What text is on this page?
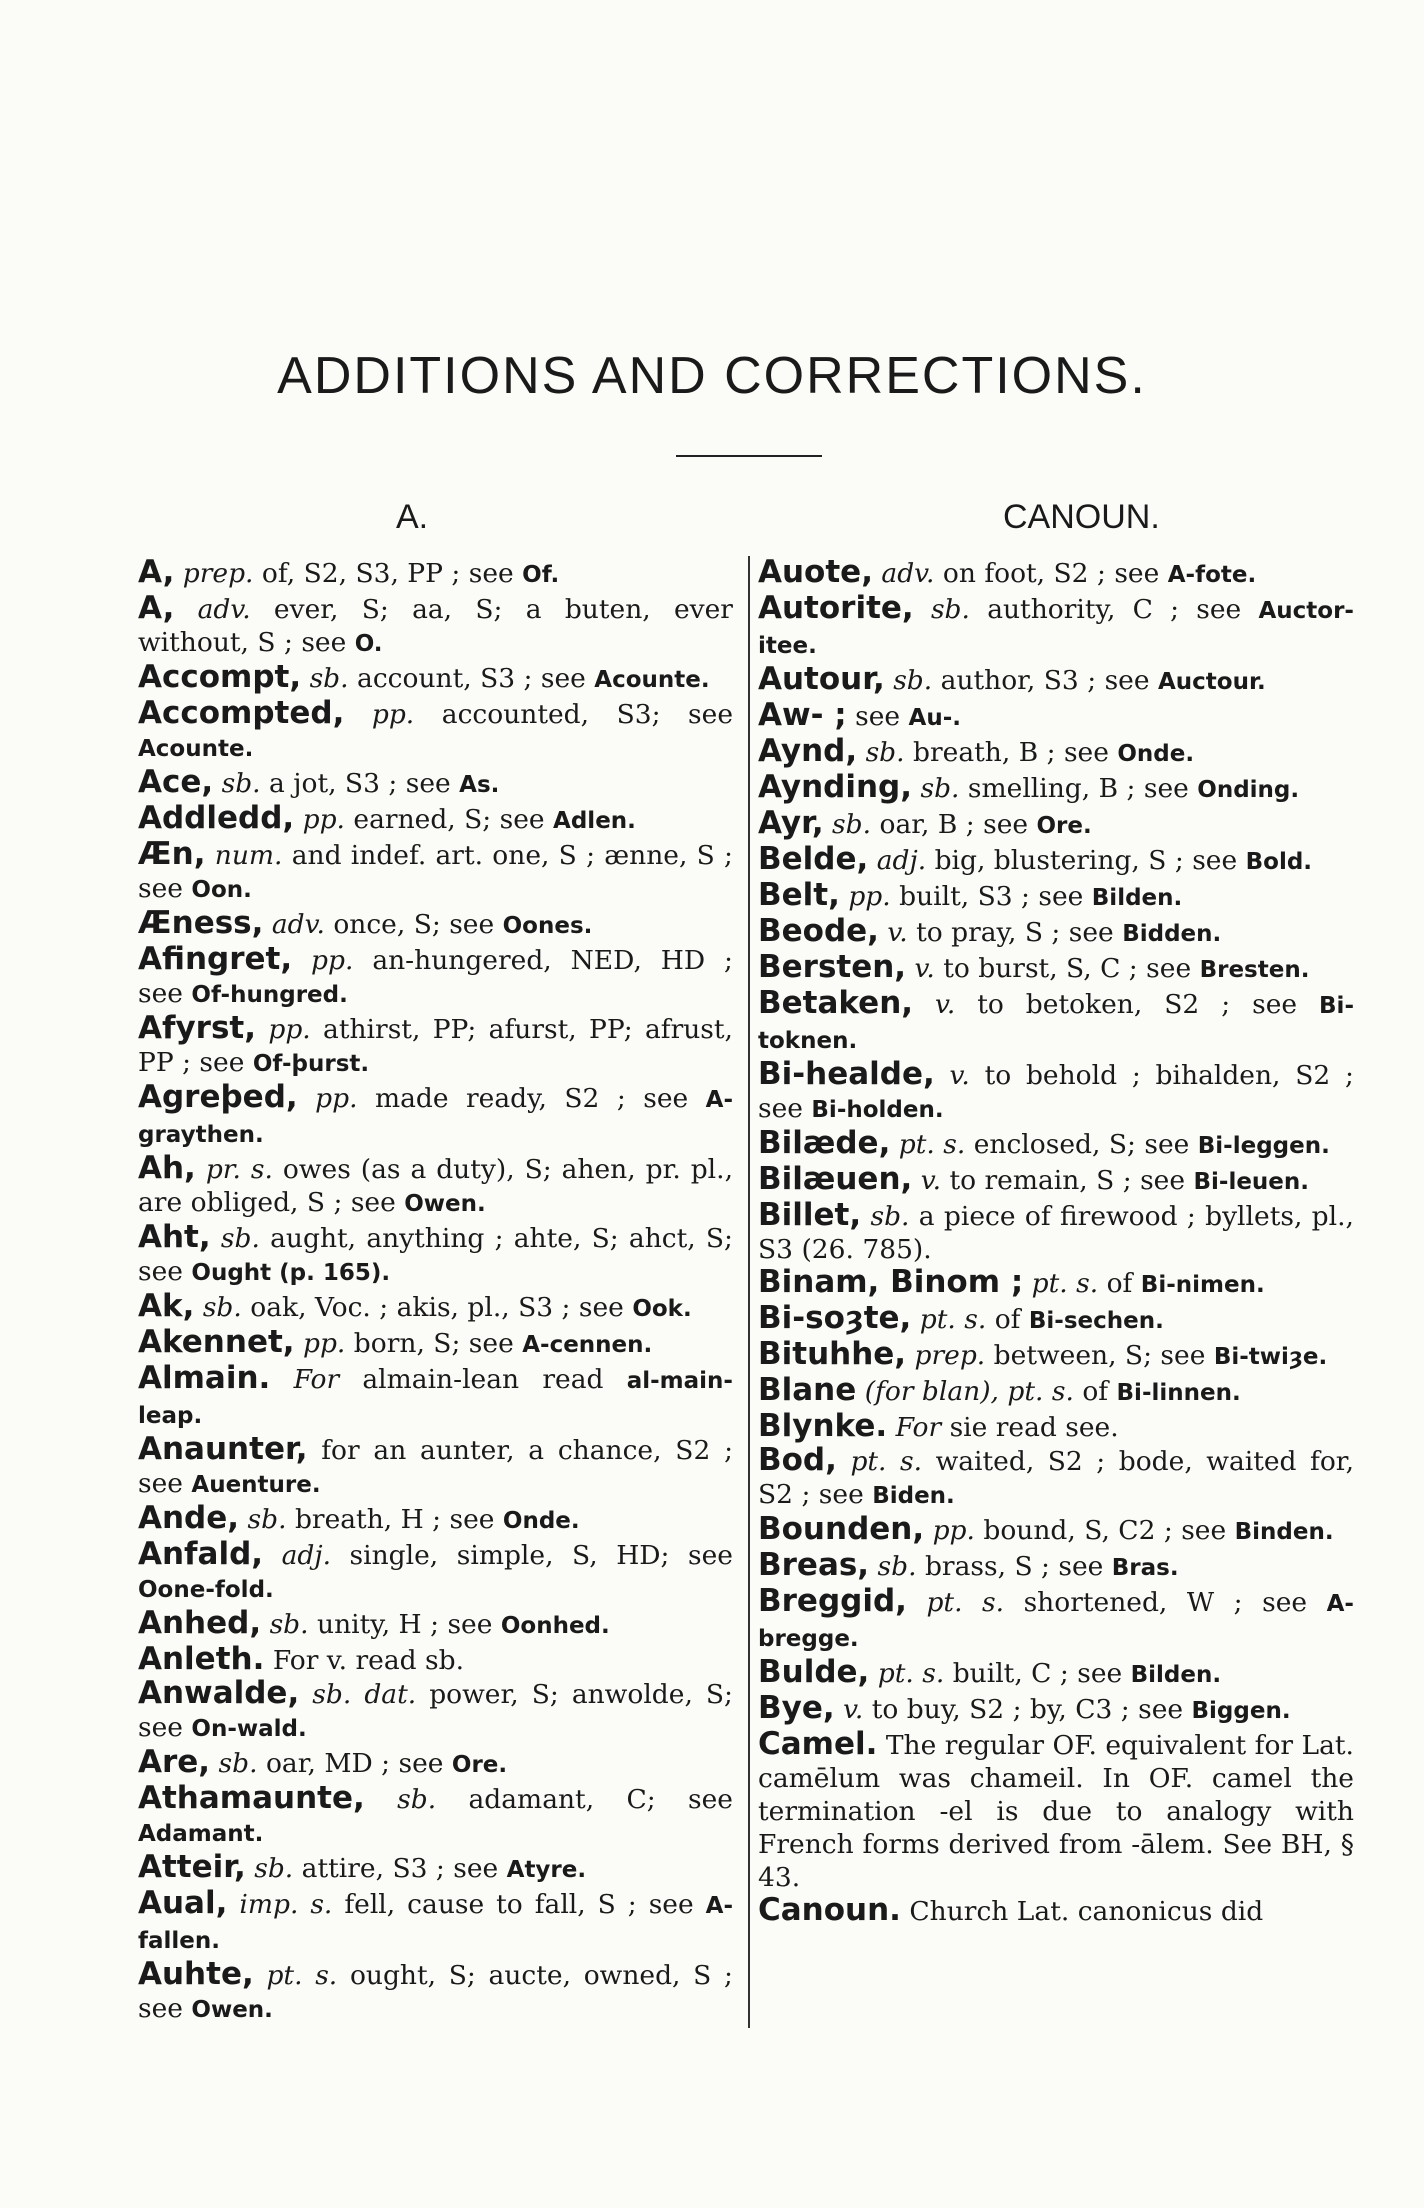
ADDITIONS AND CORRECTIONS.
A.	CANOUN.

A, prep. of, S2, S3, PP ; see Of.

A, adv. ever, S; aa, S; a buten, ever without, S ; see O.

Accompt, sb. account, S3 ; see Acounte.

Accompted, pp. accounted, S3; see Acounte.

Ace, sb. a jot, S3 ; see As.

Addledd, pp. earned, S; see Adlen.

Æn, num. and indef. art. one, S ; ænne, S ; see Oon.

Æness, adv. once, S; see Oones.

Afingret, pp. an-hungered, NED, HD ; see Of-hungred.

Afyrst, pp. athirst, PP; afurst, PP; afrust, PP ; see Of-þurst.

Agreþed, pp. made ready, S2 ; see A-graythen.

Ah, pr. s. owes (as a duty), S; ahen, pr. pl., are obliged, S ; see Owen.

Aht, sb. aught, anything ; ahte, S; ahct, S; see Ought (p. 165).

Ak, sb. oak, Voc. ; akis, pl., S3 ; see Ook.

Akennet, pp. born, S; see A-cennen.

Almain. For almain-lean read al-main-leap.

Anaunter, for an aunter, a chance, S2 ; see Auenture.

Ande, sb. breath, H ; see Onde.

Anfald, adj. single, simple, S, HD; see Oone-fold.

Anhed, sb. unity, H ; see Oonhed.

Anleth. For v. read sb.

Anwalde, sb. dat. power, S; anwolde, S; see On-wald.

Are, sb. oar, MD ; see Ore.

Athamaunte, sb. adamant, C; see Adamant.

Atteir, sb. attire, S3 ; see Atyre.

Aual, imp. s. fell, cause to fall, S ; see A-fallen.

Auhte, pt. s. ought, S; aucte, owned, S ; see Owen.

Auote, adv. on foot, S2 ; see A-fote.

Autorite, sb. authority, C ; see Auctor-itee.

Autour, sb. author, S3 ; see Auctour.

Aw- ; see Au-.

Aynd, sb. breath, B ; see Onde.

Aynding, sb. smelling, B ; see Onding.

Ayr, sb. oar, B ; see Ore.

Belde, adj. big, blustering, S ; see Bold.

Belt, pp. built, S3 ; see Bilden.

Beode, v. to pray, S ; see Bidden.

Bersten, v. to burst, S, C ; see Bresten.

Betaken, v. to betoken, S2 ; see Bi-toknen.

Bi-healde, v. to behold ; bihalden, S2 ; see Bi-holden.

Bilæde, pt. s. enclosed, S; see Bi-leggen.

Bilæuen, v. to remain, S ; see Bi-leuen.

Billet, sb. a piece of firewood ; byllets, pl., S3 (26. 785).

Binam, Binom ; pt. s. of Bi-nimen.

Bi-soȝte, pt. s. of Bi-sechen.

Bituhhe, prep. between, S; see Bi-twiȝe.

Blane (for blan), pt. s. of Bi-linnen.

Blynke. For sie read see.

Bod, pt. s. waited, S2 ; bode, waited for, S2 ; see Biden.

Bounden, pp. bound, S, C2 ; see Binden.

Breas, sb. brass, S ; see Bras.

Breggid, pt. s. shortened, W ; see A-bregge.

Bulde, pt. s. built, C ; see Bilden.

Bye, v. to buy, S2 ; by, C3 ; see Biggen.

Camel. The regular OF. equivalent for Lat. camēlum was chameil. In OF. camel the termination -el is due to analogy with French forms derived from -ālem. See BH, § 43.

Canoun. Church Lat. canonicus did
